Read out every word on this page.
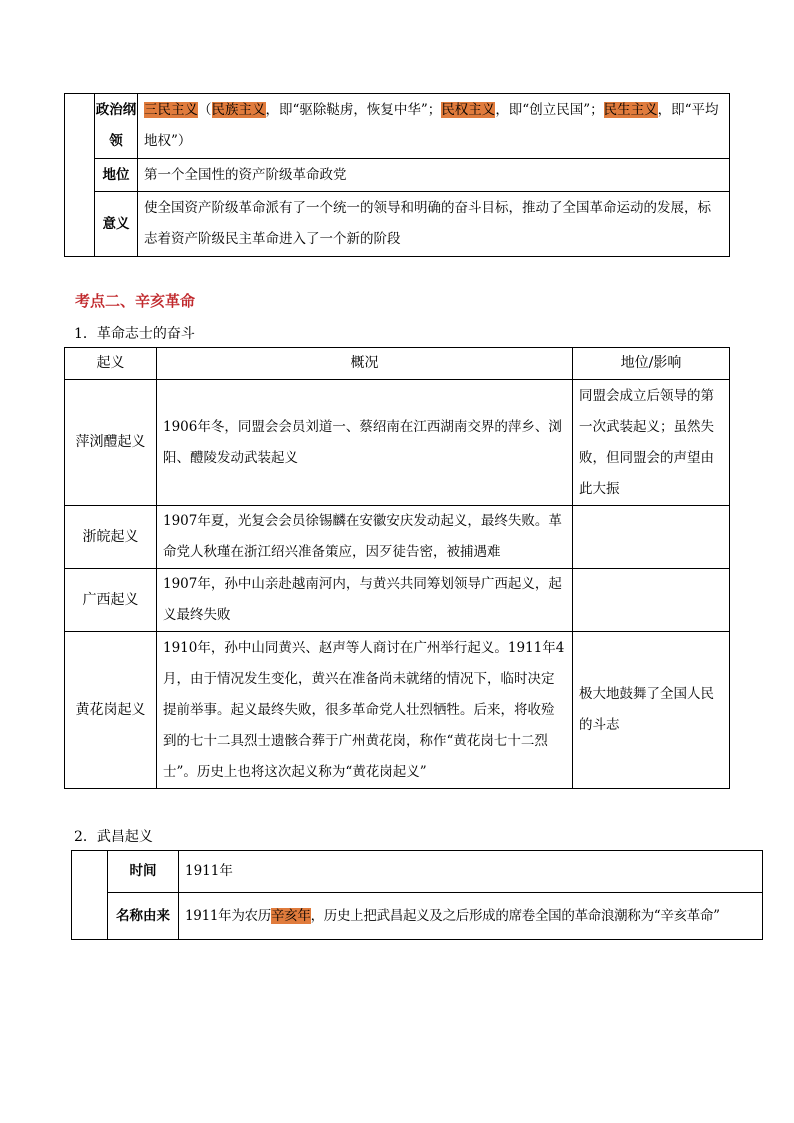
	政治纲领	三民主义（民族主义，即“驱除鞑虏，恢复中华”；民权主义，即“创立民国”；民生主义，即“平均地权”）
	地位	第一个全国性的资产阶级革命政党
	意义	使全国资产阶级革命派有了一个统一的领导和明确的奋斗目标，推动了全国革命运动的发展，标志着资产阶级民主革命进入了一个新的阶段
考点二、辛亥革命
1．革命志士的奋斗
起义	概况	地位/影响
萍浏醴起义	1906年冬，同盟会会员刘道一、蔡绍南在江西湖南交界的萍乡、浏阳、醴陵发动武装起义	同盟会成立后领导的第一次武装起义；虽然失败，但同盟会的声望由此大振
浙皖起义	1907年夏，光复会会员徐锡麟在安徽安庆发动起义，最终失败。革命党人秋瑾在浙江绍兴准备策应，因歹徒告密，被捕遇难	
广西起义	1907年，孙中山亲赴越南河内，与黄兴共同筹划领导广西起义，起义最终失败	
黄花岗起义	1910年，孙中山同黄兴、赵声等人商讨在广州举行起义。1911年4月，由于情况发生变化，黄兴在准备尚未就绪的情况下，临时决定提前举事。起义最终失败，很多革命党人壮烈牺牲。后来，将收殓到的七十二具烈士遗骸合葬于广州黄花岗，称作“黄花岗七十二烈士”。历史上也将这次起义称为“黄花岗起义”	极大地鼓舞了全国人民的斗志
2．武昌起义
	时间	1911年
	名称由来	1911年为农历辛亥年，历史上把武昌起义及之后形成的席卷全国的革命浪潮称为“辛亥革命”
